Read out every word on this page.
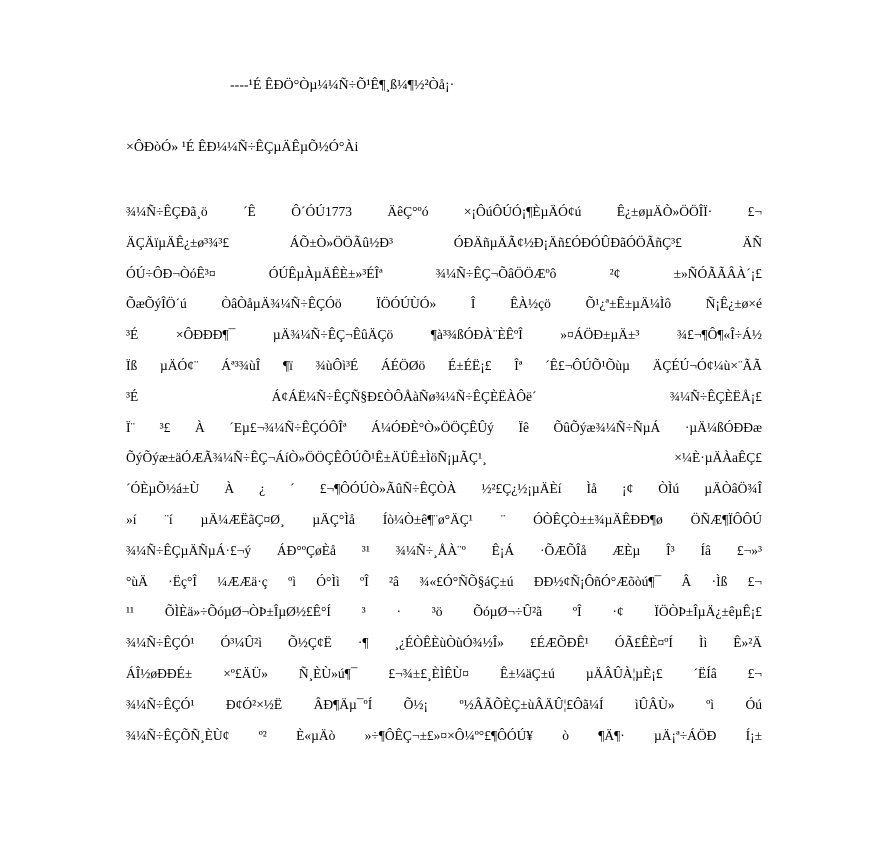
----¹É ÊÐÖ°Òµ¼¼Ñ÷Õ¹Ê¶¸ß¼¶½²Òå¡·
×ÔÐòÓ» ¹É ÊÐ¼¼Ñ÷ÊÇµÄÊµÕ½Ó°Ài
¾¼Ñ÷ÊÇÐã¸ö ´Ê Ô´ÓÚ1773 ÄêÇ°ºó ×¡ÔúÔÚÓ¡¶ÈµÄÓ¢ú Ê¿±øµÄÒ»ÖÖÎÏ· £¬
ÄÇÄïµÄÊ¿±ø³¾³£ ÁÕ±Ò»ÖÖÃû½Ð³ ÓÐÄñµÄÃ¢½Ð¡Äñ£ÓÐÓÛÐãÓÖÃñÇ³£ ÄÑ
ÓÚ÷ÔÐ¬ÒóÊ³¤ ÓÚÊµÀµÄÊÈ±»³ÉÎª ¾¼Ñ÷ÊÇ¬ÕâÖÖÆºô ²¢ ±»ÑÓÃÃÂÀ´¡£
ÕæÕýÎÖ´ú ÒâÒåµÄ¾¼Ñ÷ÊÇÓö ÏÖÓÚÙÓ» Î ÊÀ½çö Õ¹¿ª±Ê±µÄ¼Ìô Ñ¡Ê¿±ø×é
³É ×ÔÐÐÐ¶¯ µÄ¾¼Ñ÷ÊÇ¬ÊûÄÇö ¶à³¾ßÓÐÀ¨ÈÊºÎ »¤ÁÖÐ±µÄ±³ ¾£¬¶Ô¶«Î÷Á½
Ïß µÄÓ¢¨ Áª³¾ùÎ ¶ï ¾ùÔì³É ÁÉÖØö É±ÉË¡£ Îª ´Ê£¬ÔÚÕ¹Õùµ ÄÇÉÚ¬Ó¢¼ù×¨ÃÃ
³É Á¢ÁË¼Ñ÷ÊÇÑ§Ð£ÒÔÅàÑø¾¼Ñ÷ÊÇÈËÀÔë´ ¾¼Ñ÷ÊÇÈËÅ¡£
Ï¨ ³£ À ´Eµ£¬¾¼Ñ÷ÊÇÓÔÎª Á¼ÓÐÈ°Ò»ÖÖÇÊÛý Ïê ÕûÕýæ¾¼Ñ÷ÑµÁ ·µÄ¼ßÓÐÐæ
ÕýÕýæ±äÓÆÃ¾¼Ñ÷ÊÇ¬ÁíÒ»ÖÖÇÊÔÚÕ¹Ê±ÄÜÊ±ÌöÑ¡µÃÇ¹¸ ×¼È·µÄÀaÊÇ£
´ÓÈµÕ½á±Ù À ¿ ´ £¬¶ÔÓÚÒ»ÃûÑ÷ÊÇÒÀ ½²£Ç¿½¡µÄÈí Ìå ¡¢ ÒÌú µÄÒâÖ¾Î
»í ¨í µÄ¼ÆËãÇ¤Ø¸ µÄÇ°Ìå Íò¼Ò±ê¶¨ø°ÄÇ¹ ¨ ÓÒÊÇÒ±±¾µÄÊÐÐ¶ø ÖÑÆ¶ÏÔÔÚ
¾¼Ñ÷ÊÇµÄÑµÁ·£¬ý ÁÐ°ºÇøÈå ³¹ ¾¼Ñ÷¸ÅÀ¨º Ê¡Á ·ÕÆÕÎå ÆÈµ Î³ Íâ £¬»³
°ùÄ ·Ëç°Î ¼ÆÆä·ç ºì Ó°Ìì ºÎ ²â ¾«£Ó°ÑÕ§áÇ±ú ÐÐ½¢Ñ¡ÔñÓ°Æõòú¶¯ Â ·Ìß £¬
¹¹ ÕÌÈä»÷ÕóµØ¬ÒÞ±ÎµØ½£Ê°Í ³ · ³ö ÕóµØ¬÷Û²ã ºÎ ·¢ ÏÖÒÞ±ÎµÄ¿±êµÊ¡£
¾¼Ñ÷ÊÇÓ¹ Ó³¼Û²ì Õ½Ç¢Ë ·¶ ¸¿ÉÒÊÈùÒùÓ¾½Î» £ÉÆÕÐÊ¹ ÓÃ£ÊÈ¤ºÍ Ìì Ê»²Ä
ÁÎ½øÐÐÉ± ×º£ÄÜ» Ñ¸ÈÙ»ú¶¯ £¬¾±£¸ÈÌÊÙ¤ Ê±¼äÇ±ú µÄÂÛÀ¦µÈ¡£ ´ËÍâ £¬
¾¼Ñ÷ÊÇÓ¹ Ð¢Ó²×½Ë ÂÐ¶Äµ¯ºÍ Õ½¡ º½ÂÃÕÈÇ±ùÂÄÛ¦£Ôã¼Í ìÛÂÙ» ºì Óú
¾¼Ñ÷ÊÇÕÑ¸ÈÙ¢ º² È«µÄò »÷¶ÔÊÇ¬±£»¤×Ô¼º°£¶ÔÓÚ¥ ò ¶Ä¶· µÄ¡ª÷ÁÖÐ Í¡±
